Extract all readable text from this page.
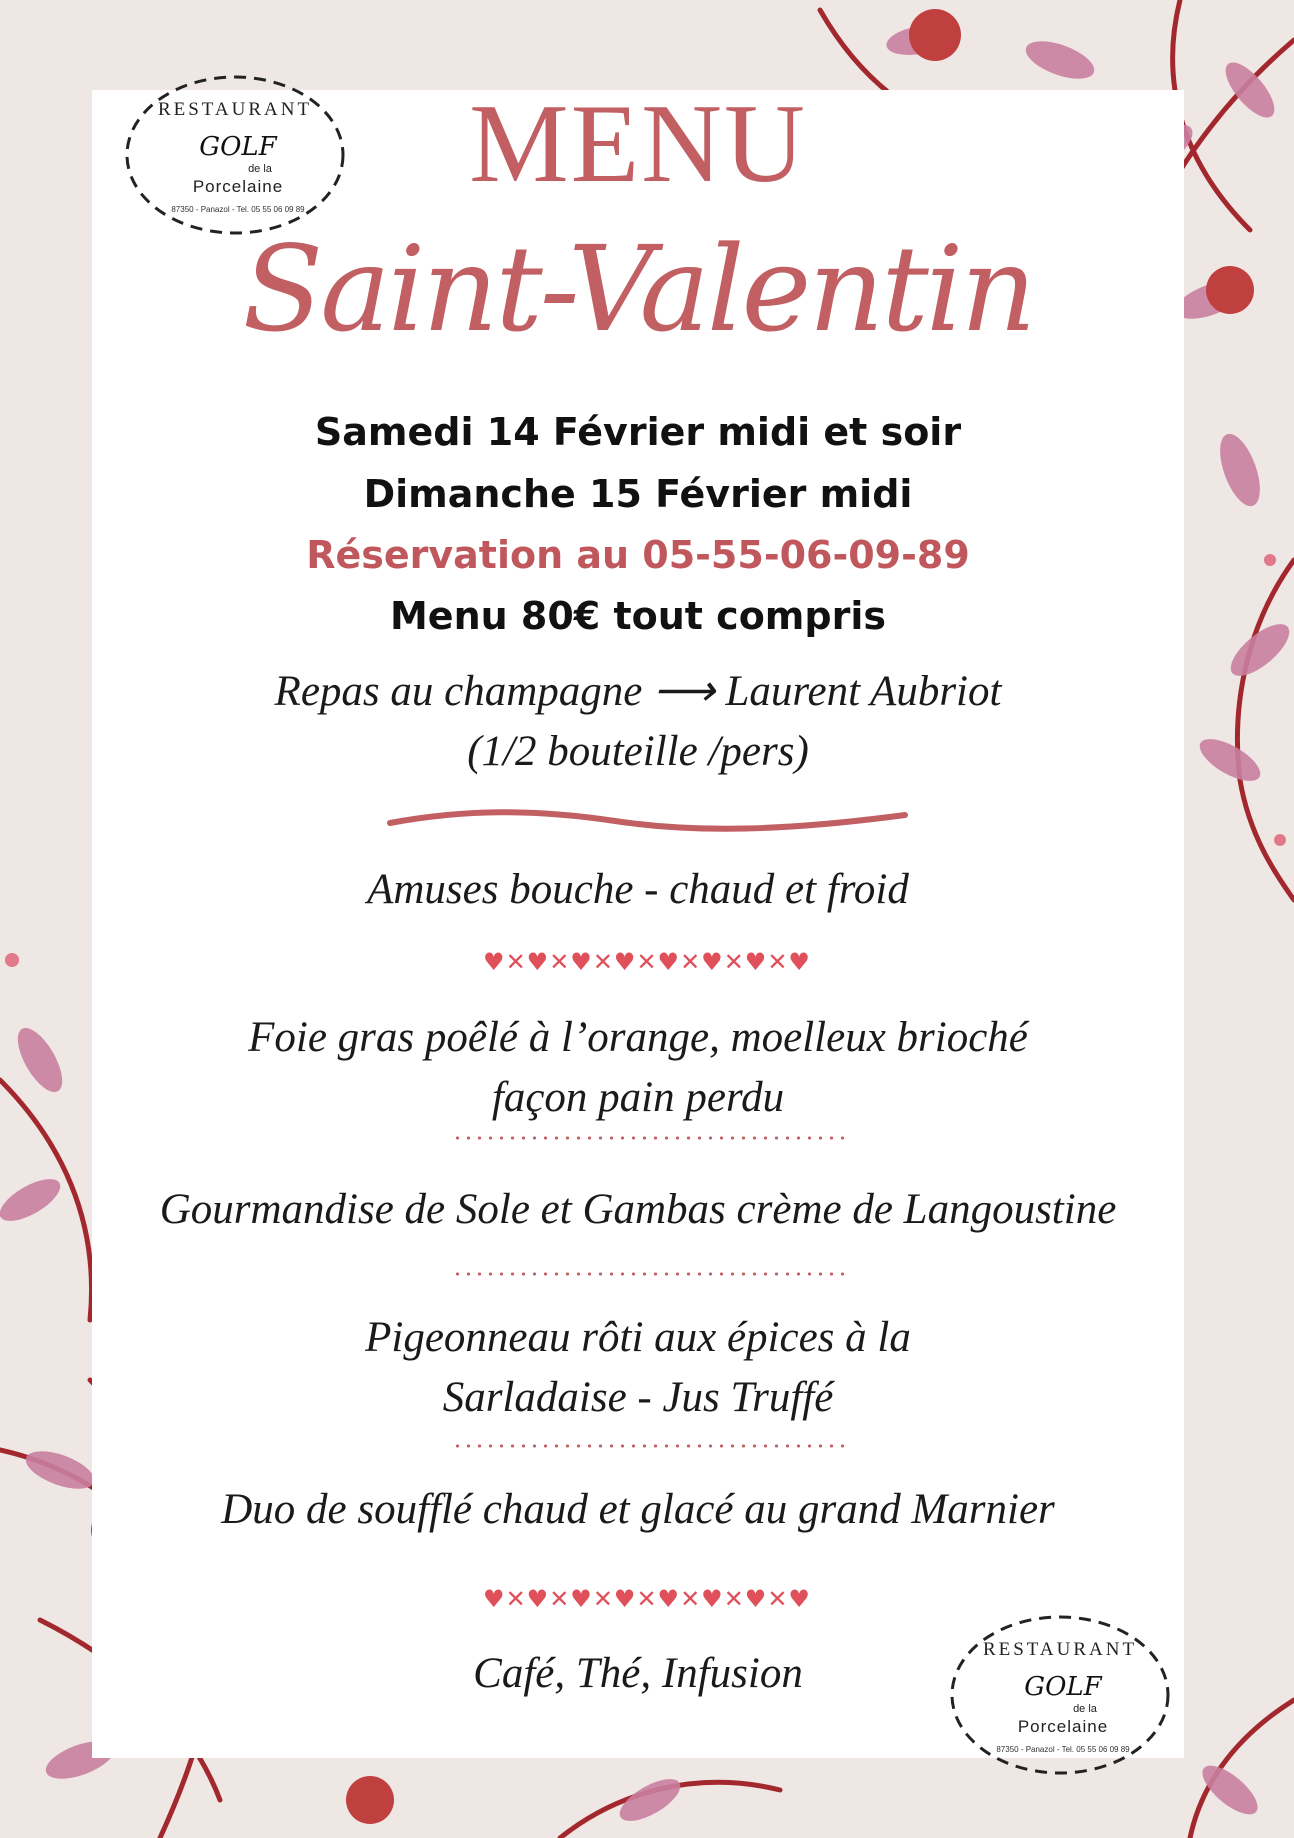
RESTAURANT
GOLF
de la
Porcelaine
87350 - Panazol - Tel. 05 55 06 09 89
RESTAURANT
GOLF
de la
Porcelaine
87350 - Panazol - Tel. 05 55 06 09 89
MENU
Saint-Valentin
Samedi 14 Février midi et soir
Dimanche 15 Février midi
Réservation au 05-55-06-09-89
Menu 80€ tout compris
Repas au champagne ⟶ Laurent Aubriot
(1/2 bouteille /pers)
Amuses bouche - chaud et froid
♥✕♥✕♥✕♥✕♥✕♥✕♥✕♥
Foie gras poêlé à l’orange, moelleux brioché
façon pain perdu
Gourmandise de Sole et Gambas crème de Langoustine
Pigeonneau rôti aux épices à la
Sarladaise - Jus Truffé
Duo de soufflé chaud et glacé au grand Marnier
♥✕♥✕♥✕♥✕♥✕♥✕♥✕♥
Café, Thé, Infusion
